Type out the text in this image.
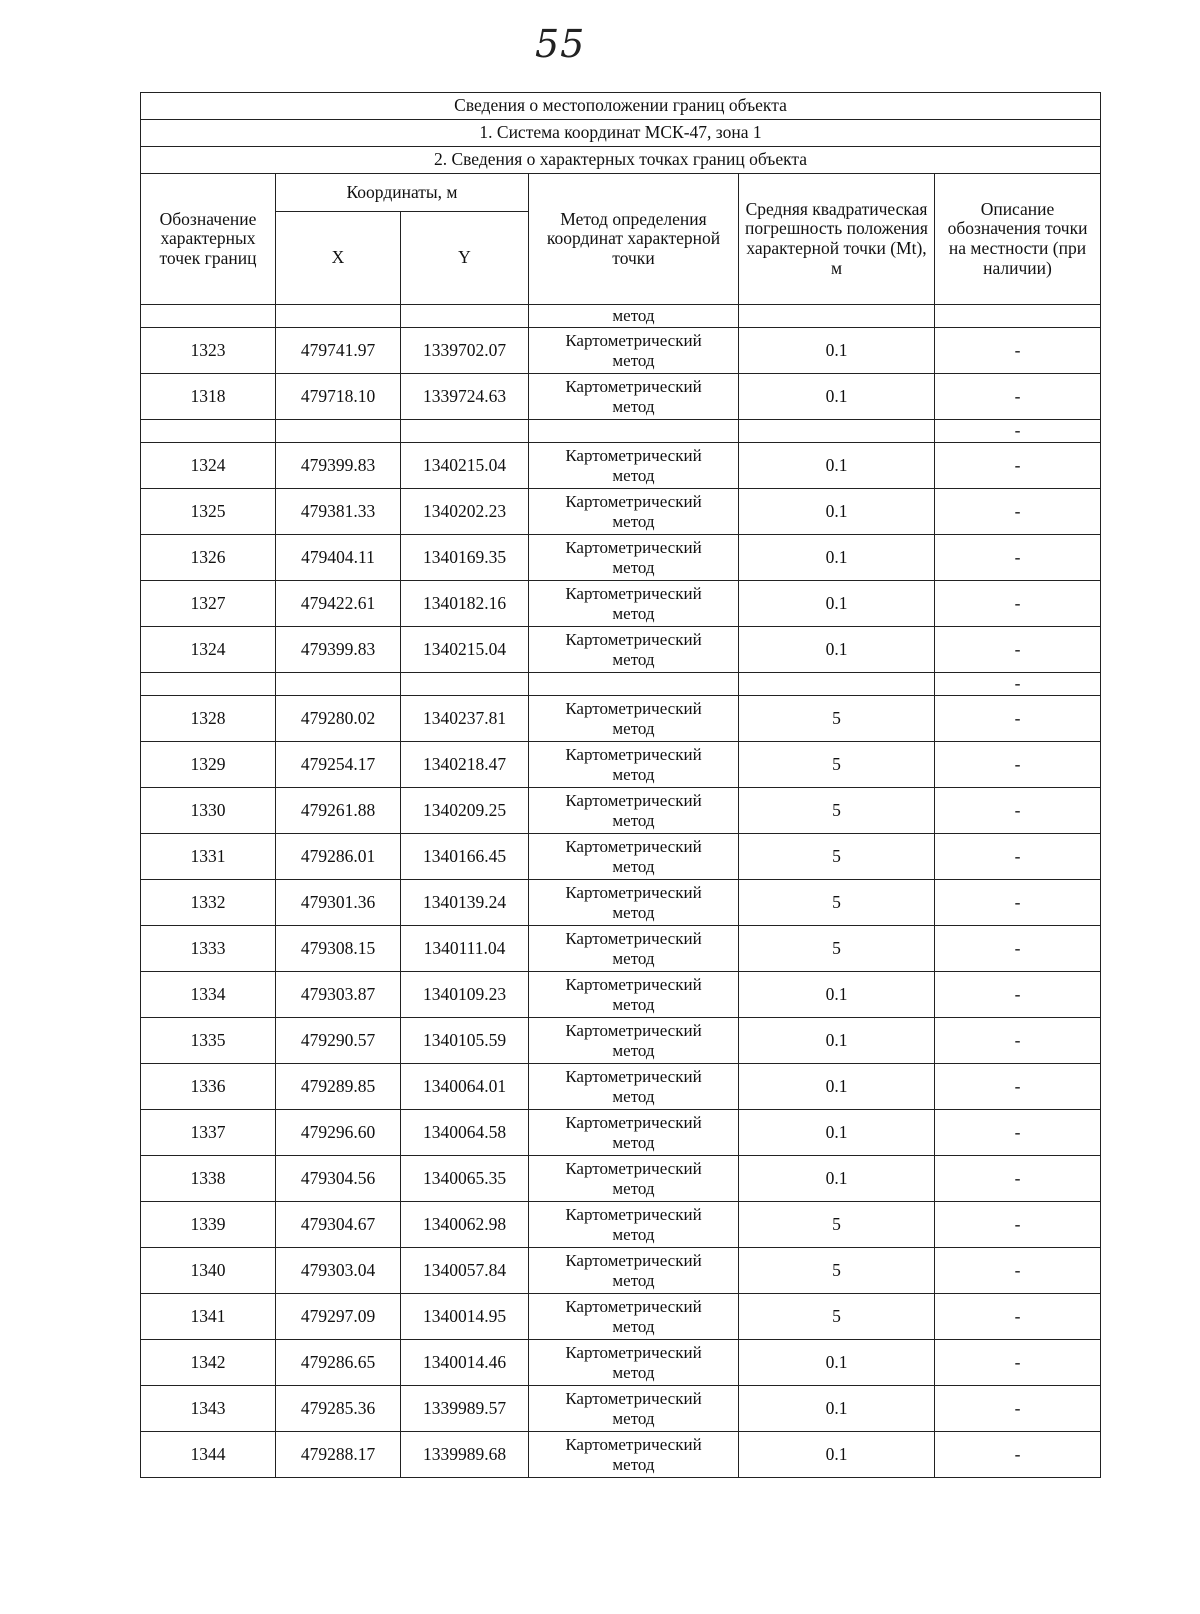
55
Сведения о местоположении границ объекта					
1. Система координат МСК-47, зона 1					
2. Сведения о характерных точках границ объекта					
Обозначение характерных точек границ	Координаты, м		Метод определения координат характерной точки	Средняя квадратическая погрешность положения характерной точки (Mt), м	Описание обозначения точки на местности (при наличии)
	X	Y			
			метод		
1323	479741.97	1339702.07	Картометрический
метод	0.1	-
1318	479718.10	1339724.63	Картометрический
метод	0.1	-
					-
1324	479399.83	1340215.04	Картометрический
метод	0.1	-
1325	479381.33	1340202.23	Картометрический
метод	0.1	-
1326	479404.11	1340169.35	Картометрический
метод	0.1	-
1327	479422.61	1340182.16	Картометрический
метод	0.1	-
1324	479399.83	1340215.04	Картометрический
метод	0.1	-
					-
1328	479280.02	1340237.81	Картометрический
метод	5	-
1329	479254.17	1340218.47	Картометрический
метод	5	-
1330	479261.88	1340209.25	Картометрический
метод	5	-
1331	479286.01	1340166.45	Картометрический
метод	5	-
1332	479301.36	1340139.24	Картометрический
метод	5	-
1333	479308.15	1340111.04	Картометрический
метод	5	-
1334	479303.87	1340109.23	Картометрический
метод	0.1	-
1335	479290.57	1340105.59	Картометрический
метод	0.1	-
1336	479289.85	1340064.01	Картометрический
метод	0.1	-
1337	479296.60	1340064.58	Картометрический
метод	0.1	-
1338	479304.56	1340065.35	Картометрический
метод	0.1	-
1339	479304.67	1340062.98	Картометрический
метод	5	-
1340	479303.04	1340057.84	Картометрический
метод	5	-
1341	479297.09	1340014.95	Картометрический
метод	5	-
1342	479286.65	1340014.46	Картометрический
метод	0.1	-
1343	479285.36	1339989.57	Картометрический
метод	0.1	-
1344	479288.17	1339989.68	Картометрический
метод	0.1	-
